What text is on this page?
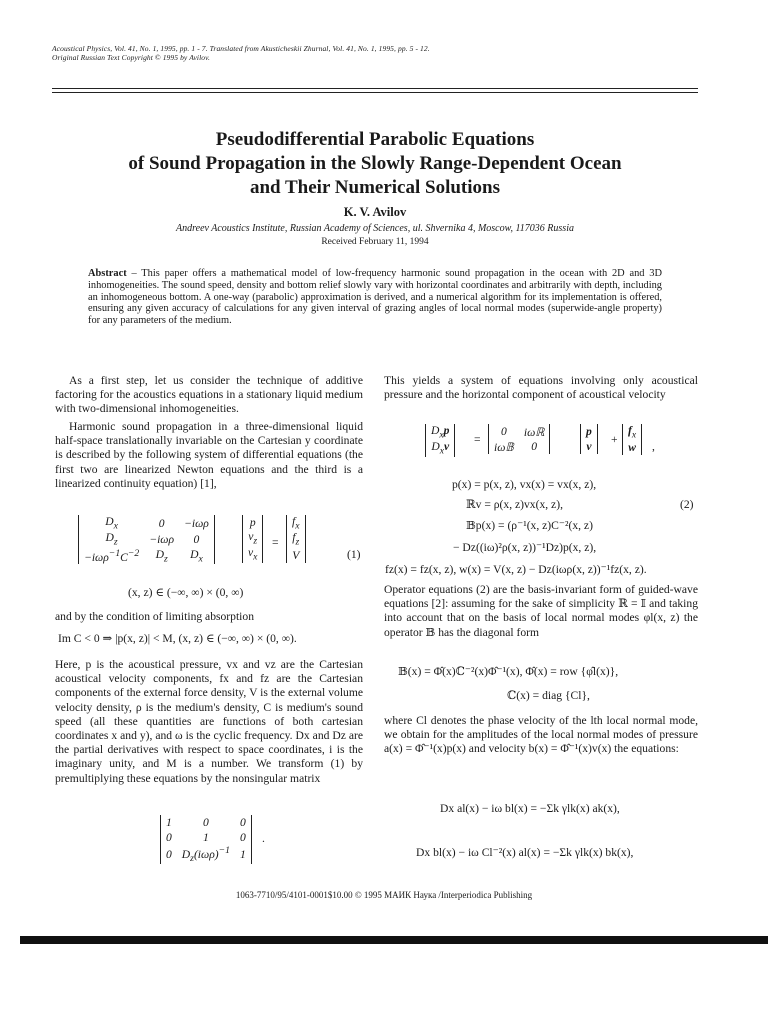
Acoustical Physics, Vol. 41, No. 1, 1995, pp. 1 - 7. Translated from Akusticheskii Zhurnal, Vol. 41, No. 1, 1995, pp. 5 - 12.
Original Russian Text Copyright © 1995 by Avilov.
Pseudodifferential Parabolic Equations
of Sound Propagation in the Slowly Range-Dependent Ocean
and Their Numerical Solutions
K. V. Avilov
Andreev Acoustics Institute, Russian Academy of Sciences, ul. Shvernika 4, Moscow, 117036 Russia
Received February 11, 1994
Abstract – This paper offers a mathematical model of low-frequency harmonic sound propagation in the ocean with 2D and 3D inhomogeneities. The sound speed, density and bottom relief slowly vary with horizontal coordinates and arbitrarily with depth, including an inhomogeneous bottom. A one-way (parabolic) approximation is derived, and a numerical algorithm for its implementation is offered, ensuring any given accuracy of calculations for any given interval of grazing angles of local normal modes (superwide-angle property) for any parameters of the medium.
As a first step, let us consider the technique of additive factoring for the acoustics equations in a stationary liquid medium with two-dimensional inhomogeneities.
Harmonic sound propagation in a three-dimensional liquid half-space translationally invariable on the Cartesian y coordinate is described by the following system of differential equations (the first two are linearized Newton equations and the third is a linearized continuity equation) [1],
$D_x$	0	−iωρ
$D_z$	−iωρ	0
$-i\omega\rho^{-1}C^{-2}$	$D_z$	$D_x$
p
$v_z$
$v_x$
=
$f_x$
$f_z$
V	(1)
(x, z) ∈ (−∞, ∞) × (0, ∞)
and by the condition of limiting absorption
Im C < 0 ⇒ |p(x, z)| < M, (x, z) ∈ (−∞, ∞) × (0, ∞).
Here, p is the acoustical pressure, vx and vz are the Cartesian acoustical velocity components, fx and fz are the Cartesian components of the external force density, V is the external volume velocity density, ρ is the medium's density, C is medium's sound speed (all these quantities are functions of both cartesian coordinates x and y), and ω is the cyclic frequency. Dx and Dz are the partial derivatives with respect to space coordinates, i is the imaginary unity, and M is a number. We transform (1) by premultiplying these equations by the nonsingular matrix
1	0	0
0	1	0
0	$D_z(i\omega\rho)^{-1}$	1
.
This yields a system of equations involving only acoustical pressure and the horizontal component of acoustical velocity
$D_xp$
$D_xv$
=
0	iωℝ
iω𝔹	0
p
v
+
$f_x$
w ,
p(x) = p(x, z), vx(x) = vx(x, z),
ℝv = ρ(x, z)vx(x, z),	(2)
𝔹p(x) = (ρ⁻¹(x, z)C⁻²(x, z)
− Dz((iω)²ρ(x, z))⁻¹Dz)p(x, z),
fz(x) = fz(x, z), w(x) = V(x, z) − Dz(iωρ(x, z))⁻¹fz(x, z).
Operator equations (2) are the basis-invariant form of guided-wave equations [2]: assuming for the sake of simplicity ℝ = 𝕀 and taking into account that on the basis of local normal modes φl(x, z) the operator 𝔹 has the diagonal form
𝔹(x) = Φ̂(x)ℂ⁻²(x)Φ̂⁻¹(x), Φ̂(x) = row {φ̂l(x)},
ℂ(x) = diag {Cl},
where Cl denotes the phase velocity of the lth local normal mode, we obtain for the amplitudes of the local normal modes of pressure a(x) = Φ̂⁻¹(x)p(x) and velocity b(x) = Φ̂⁻¹(x)v(x) the equations:
Dx al(x) − iω bl(x) = −Σk γlk(x) ak(x),
Dx bl(x) − iω Cl⁻²(x) al(x) = −Σk γlk(x) bk(x),
1063-7710/95/4101-0001$10.00 © 1995 МАИК Наука /Interperiodica Publishing
